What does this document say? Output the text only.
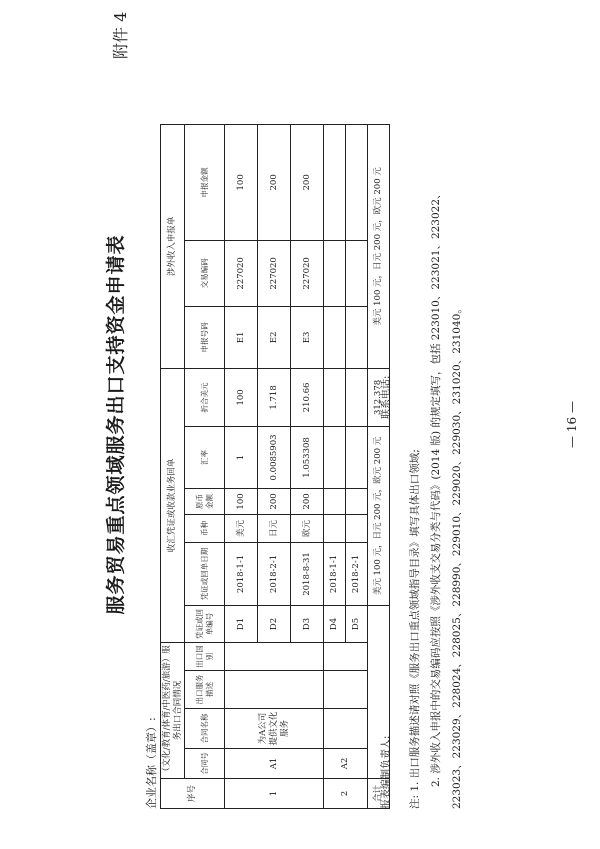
附件 4
服务贸易重点领域服务出口支持资金申请表
企业名称（盖章）:	序号	（文化/教育/体育/中医药/旅游）服务出口合同情况				收汇凭证或收款业务回单						涉外收入申报单		
	合同号	合同名称	出口服务描述	出口国别	凭证或回单编号	凭证或回单日期	币种	原币金额	汇率	折合美元	申报号码	交易编码	申报金额
1	A1	为A公司提供文化服务			D1	2018-1-1	美元	100	1	100	E1	227020	100
					D2	2018-2-1	日元	200	0.0085903	1.718	E2	227020	200
					D3	2018-8-31	欧元	200	1.053308	210.66	E3	227020	200
2	A2				D4	2018-1-1							
					D5	2018-2-1							
合计						美元 100 元，日元 200 元，欧元 200 元				312.378	美元 100 元，日元 200 元，欧元 200 元		
报表编制负责人:
联系电话:
注: 1. 出口服务描述请对照《服务出口重点领域指导目录》填写具体出口领域; 2. 涉外收入申报中的交易编码应按照《涉外收支交易分类与代码》(2014 版) 的规定填写，包括 223010、223021、223022、 223023、223029、228024、228025、228990、229010、229020、229030、231020、231040。	— 16 —
